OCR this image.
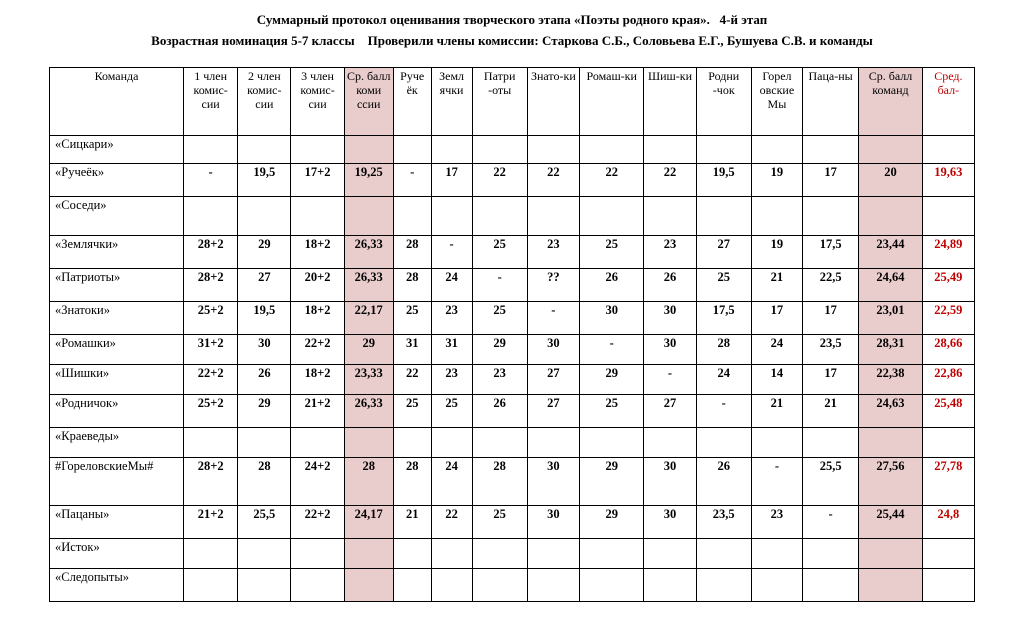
Суммарный протокол оценивания творческого этапа «Поэты родного края».   4-й этап
Возрастная номинация 5-7 классы    Проверили члены комиссии: Старкова С.Б., Соловьева Е.Г., Бушуева С.В. и команды
Команда	1 член комис-сии	2 член комис-сии	3 член комис-сии	Ср. балл коми ссии	Руче ёк	Земл ячки	Патри -оты	Знато-ки	Ромаш-ки	Шиш-ки	Родни -чок	Горел овские Мы	Паца-ны	Ср. балл команд	Сред. бал-
«Сицкари»															
«Ручеёк»	-	19,5	17+2	19,25	-	17	22	22	22	22	19,5	19	17	20	19,63
«Соседи»															
«Землячки»	28+2	29	18+2	26,33	28	-	25	23	25	23	27	19	17,5	23,44	24,89
«Патриоты»	28+2	27	20+2	26,33	28	24	-	??	26	26	25	21	22,5	24,64	25,49
«Знатоки»	25+2	19,5	18+2	22,17	25	23	25	-	30	30	17,5	17	17	23,01	22,59
«Ромашки»	31+2	30	22+2	29	31	31	29	30	-	30	28	24	23,5	28,31	28,66
«Шишки»	22+2	26	18+2	23,33	22	23	23	27	29	-	24	14	17	22,38	22,86
«Родничок»	25+2	29	21+2	26,33	25	25	26	27	25	27	-	21	21	24,63	25,48
«Краеведы»															
#ГореловскиеМы#	28+2	28	24+2	28	28	24	28	30	29	30	26	-	25,5	27,56	27,78
«Пацаны»	21+2	25,5	22+2	24,17	21	22	25	30	29	30	23,5	23	-	25,44	24,8
«Исток»															
«Следопыты»															
